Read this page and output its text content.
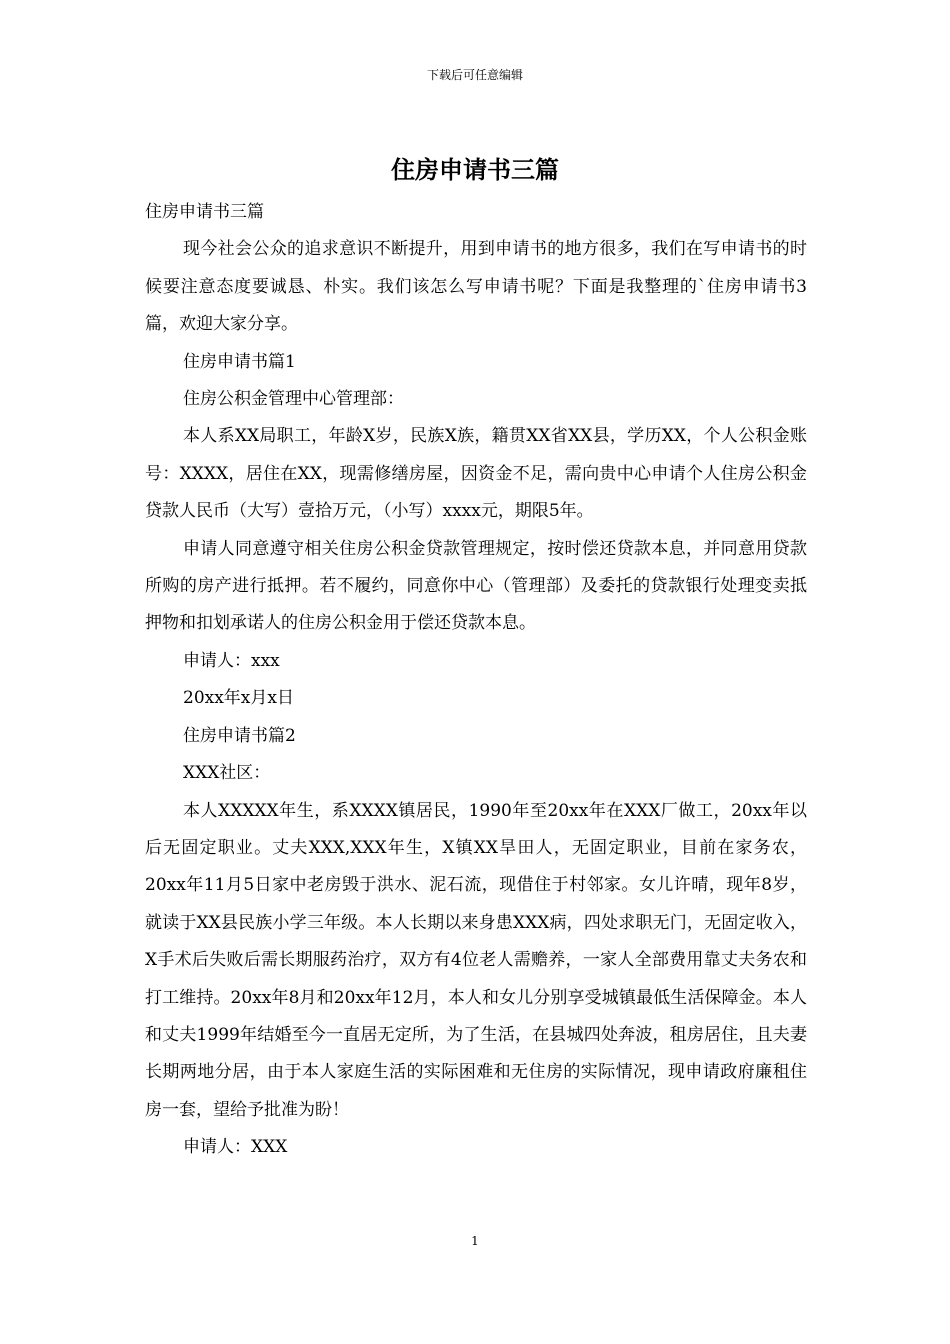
下载后可任意编辑
住房申请书三篇

住房申请书三篇

现今社会公众的追求意识不断提升，用到申请书的地方很多，我们在写申请书的时候要注意态度要诚恳、朴实。我们该怎么写申请书呢？下面是我整理的`住房申请书3篇，欢迎大家分享。

住房申请书篇1

住房公积金管理中心管理部：

本人系XX局职工，年龄X岁，民族X族，籍贯XX省XX县，学历XX，个人公积金账号：XXXX，居住在XX，现需修缮房屋，因资金不足，需向贵中心申请个人住房公积金贷款人民币（大写）壹拾万元，（小写）xxxx元，期限5年。

申请人同意遵守相关住房公积金贷款管理规定，按时偿还贷款本息，并同意用贷款所购的房产进行抵押。若不履约，同意你中心（管理部）及委托的贷款银行处理变卖抵押物和扣划承诺人的住房公积金用于偿还贷款本息。

申请人：xxx

20xx年x月x日

住房申请书篇2

XXX社区：

本人XXXXX年生，系XXXX镇居民，1990年至20xx年在XXX厂做工，20xx年以后无固定职业。丈夫XXX,XXX年生，X镇XX旱田人，无固定职业，目前在家务农，20xx年11月5日家中老房毁于洪水、泥石流，现借住于村邻家。女儿许晴，现年8岁，就读于XX县民族小学三年级。本人长期以来身患XXX病，四处求职无门，无固定收入，X手术后失败后需长期服药治疗，双方有4位老人需赡养，一家人全部费用靠丈夫务农和打工维持。20xx年8月和20xx年12月，本人和女儿分别享受城镇最低生活保障金。本人和丈夫1999年结婚至今一直居无定所，为了生活，在县城四处奔波，租房居住，且夫妻长期两地分居，由于本人家庭生活的实际困难和无住房的实际情况，现申请政府廉租住房一套，望给予批准为盼！

申请人：XXX

1
